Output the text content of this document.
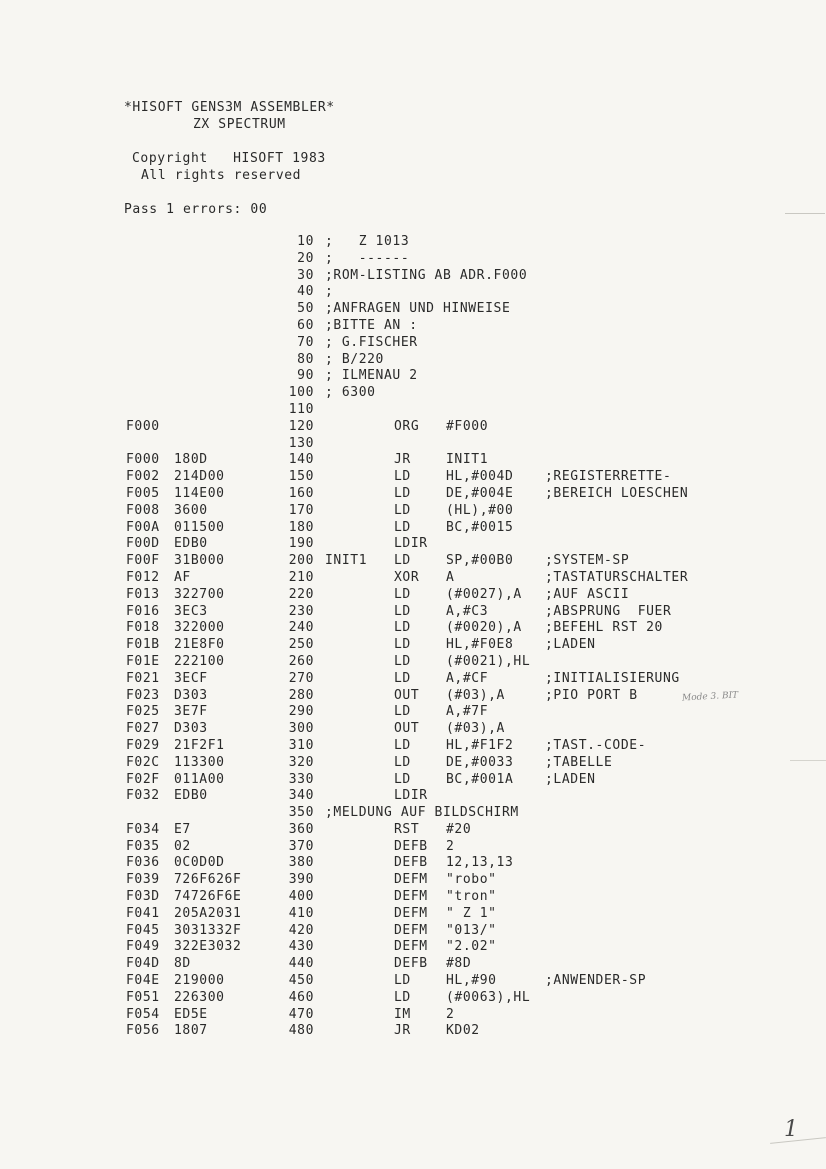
*HISOFT GENS3M ASSEMBLER*
ZX SPECTRUM
Copyright   HISOFT 1983
All rights reserved
Pass 1 errors: 00
10 ;   Z 1013
20 ;   ------
30 ;ROM-LISTING AB ADR.F000
40 ;
50 ;ANFRAGEN UND HINWEISE
60 ;BITTE AN :
70 ; G.FISCHER
80 ; B/220
90 ; ILMENAU 2
100 ; 6300
110
F000	120	ORG #F000
130
F000 180D	140	JR	INIT1
F002 214D00	150	LD	HL,#004D ;REGISTERRETTE-
F005 114E00	160	LD	DE,#004E ;BEREICH LOESCHEN
F008 3600	170	LD	(HL),#00
F00A 011500	180	LD	BC,#0015
F00D EDB0	190	LDIR
F00F 31B000	200 INIT1 LD	SP,#00B0 ;SYSTEM-SP
F012 AF	210	XOR A	;TASTATURSCHALTER
F013 322700	220	LD	(#0027),A ;AUF ASCII
F016 3EC3	230	LD	A,#C3	;ABSPRUNG  FUER
F018 322000	240	LD	(#0020),A ;BEFEHL RST 20
F01B 21E8F0	250	LD	HL,#F0E8 ;LADEN
F01E 222100	260	LD	(#0021),HL
F021 3ECF	270	LD	A,#CF	;INITIALISIERUNG
F023 D303	280	OUT (#03),A	;PIO PORT B
F025 3E7F	290	LD	A,#7F
F027 D303	300	OUT (#03),A
F029 21F2F1	310	LD	HL,#F1F2 ;TAST.-CODE-
F02C 113300	320	LD	DE,#0033 ;TABELLE
F02F 011A00	330	LD	BC,#001A ;LADEN
F032 EDB0	340	LDIR
350 ;MELDUNG AUF BILDSCHIRM
F034 E7	360	RST #20
F035 02	370	DEFB 2
F036 0C0D0D	380	DEFB 12,13,13
F039 726F626F	390	DEFM "robo"
F03D 74726F6E	400	DEFM "tron"
F041 205A2031	410	DEFM " Z 1"
F045 3031332F	420	DEFM "013/"
F049 322E3032	430	DEFM "2.02"
F04D 8D	440	DEFB #8D
F04E 219000	450	LD	HL,#90	;ANWENDER-SP
F051 226300	460	LD	(#0063),HL
F054 ED5E	470	IM	2
F056 1807	480	JR	KD02
Mode 3. BIT
1
